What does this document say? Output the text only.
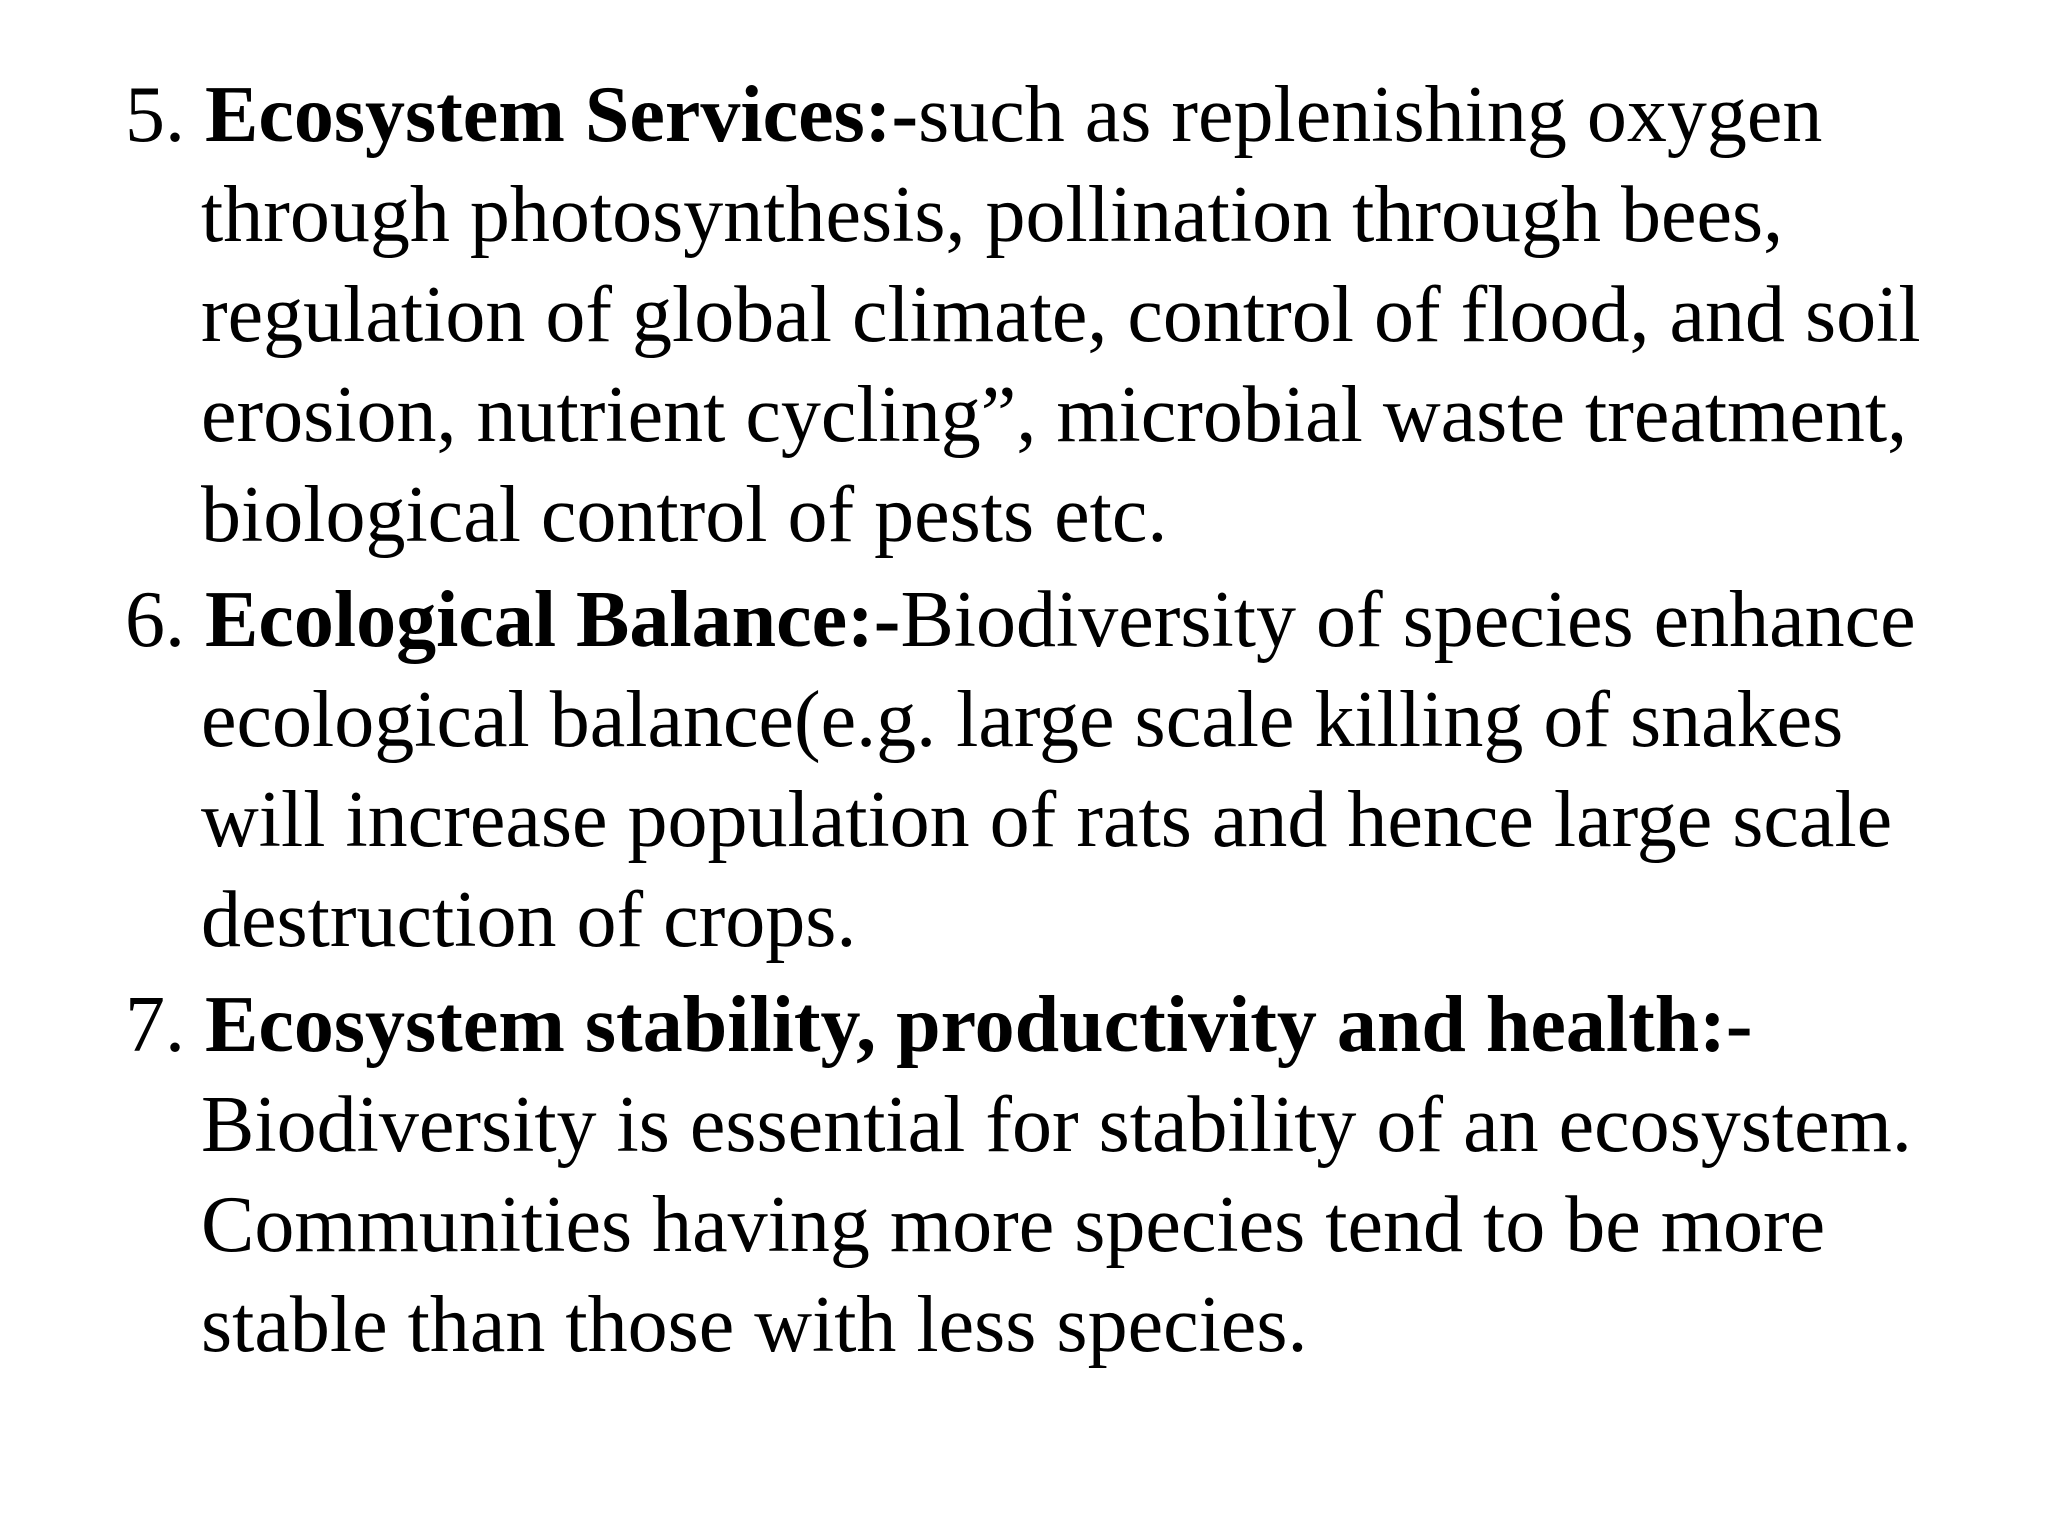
5. Ecosystem Services:-such as replenishing oxygen
through photosynthesis, pollination through bees,
regulation of global climate, control of flood, and soil
erosion, nutrient cycling”, microbial waste treatment,
biological control of pests etc.
6. Ecological Balance:-Biodiversity of species enhance
ecological balance(e.g. large scale killing of snakes
will increase population of rats and hence large scale
destruction of crops.
7. Ecosystem stability, productivity and health:-
Biodiversity is essential for stability of an ecosystem.
Communities having more species tend to be more
stable than those with less species.
